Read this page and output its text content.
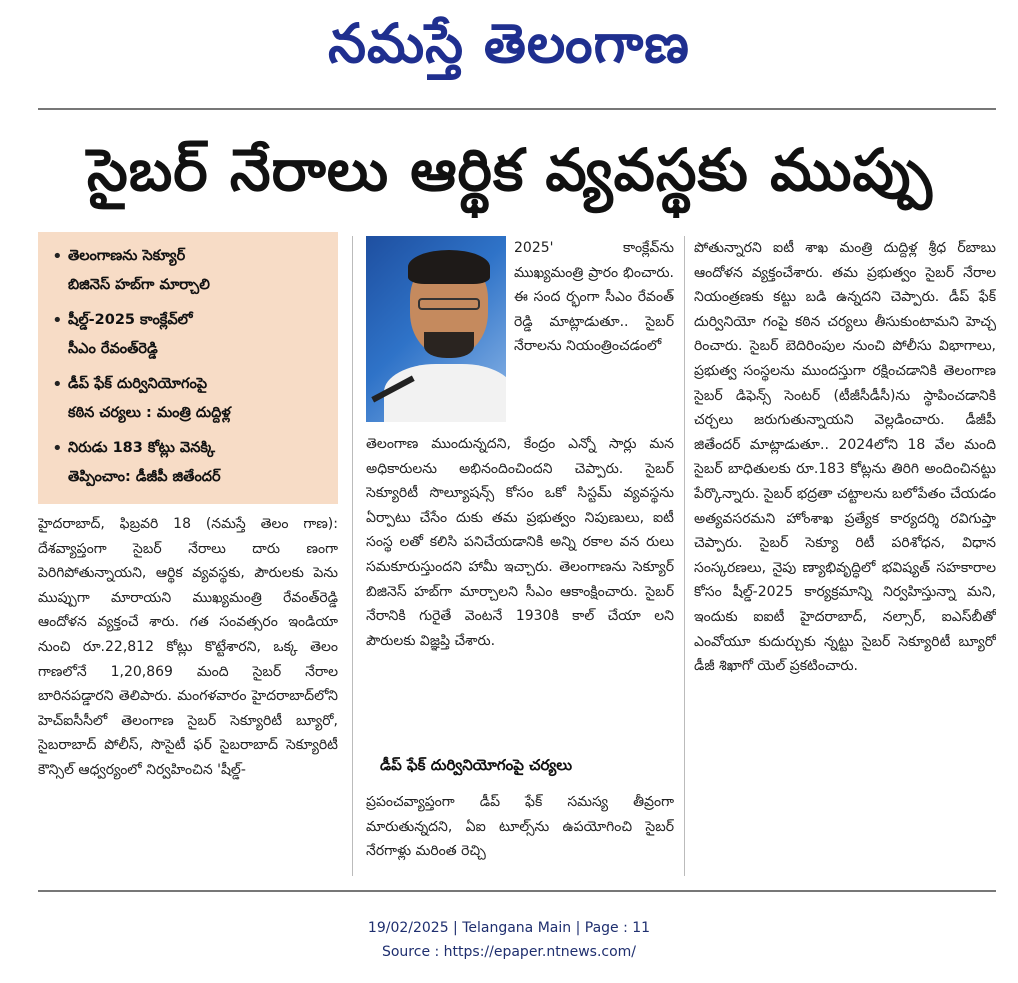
నమస్తే తెలంగాణ
సైబర్ నేరాలు ఆర్థిక వ్యవస్థకు ముప్పు
• తెలంగాణను సెక్యూర్
బిజినెస్ హబ్‌గా మార్చాలి
• షీల్డ్-2025 కాంక్లేవ్‌లో
సీఎం రేవంత్‌రెడ్డి
• డీప్ ఫేక్ దుర్వినియోగంపై
కఠిన చర్యలు : మంత్రి దుద్దిళ్ల
• నిరుడు 183 కోట్లు వెనక్కి
తెప్పించాం: డీజీపీ జితేందర్
హైదరాబాద్, ఫిబ్రవరి 18 (నమస్తే తెలం గాణ): దేశవ్యాప్తంగా సైబర్ నేరాలు దారు ణంగా పెరిగిపోతున్నాయని, ఆర్థిక వ్యవస్థకు, పౌరులకు పెను ముప్పుగా మారాయని ముఖ్యమంత్రి రేవంత్‌రెడ్డి ఆందోళన వ్యక్తంచే శారు. గత సంవత్సరం ఇండియా నుంచి రూ.22,812 కోట్లు కొట్టేశారని, ఒక్క తెలం గాణలోనే 1,20,869 మంది సైబర్ నేరాల బారినపడ్డారని తెలిపారు. మంగళవారం హైదరాబాద్‌లోని హెచ్ఐసీసీలో తెలంగాణ సైబర్ సెక్యూరిటీ బ్యూరో, సైబరాబాద్ పోలీస్, సొసైటీ ఫర్ సైబరాబాద్ సెక్యూరిటీ కౌన్సిల్ ఆధ్వర్యంలో నిర్వహించిన 'షీల్డ్-
2025' కాంక్లేవ్‌ను ముఖ్యమంత్రి ప్రారం భించారు. ఈ సంద ర్భంగా సీఎం రేవంత్ రెడ్డి మాట్లాడుతూ.. సైబర్ నేరాలను నియంత్రించడంలో
తెలంగాణ ముందున్నదని, కేంద్రం ఎన్నో సార్లు మన అధికారులను అభినందించిందని చెప్పారు. సైబర్ సెక్యూరిటీ సొల్యూషన్స్ కోసం ఒకో సిస్టమ్ వ్యవస్థను ఏర్పాటు చేసేం దుకు తమ ప్రభుత్వం నిపుణులు, ఐటీ సంస్థ లతో కలిసి పనిచేయడానికి అన్ని రకాల వన రులు సమకూరుస్తుందని హామీ ఇచ్చారు. తెలంగాణను సెక్యూర్ బిజినెస్ హబ్‌గా మార్చాలని సీఎం ఆకాంక్షించారు. సైబర్ నేరానికి గురైతే వెంటనే 1930కి కాల్ చేయా లని పౌరులకు విజ్ఞప్తి చేశారు.
డీప్ ఫేక్ దుర్వినియోగంపై చర్యలు
ప్రపంచవ్యాప్తంగా డీప్ ఫేక్ సమస్య తీవ్రంగా మారుతున్నదని, ఏఐ టూల్స్‌ను ఉపయోగించి సైబర్ నేరగాళ్లు మరింత రెచ్చి
పోతున్నారని ఐటీ శాఖ మంత్రి దుద్దిళ్ల శ్రీధ ర్‌బాబు ఆందోళన వ్యక్తంచేశారు. తమ ప్రభుత్వం సైబర్ నేరాల నియంత్రణకు కట్టు బడి ఉన్నదని చెప్పారు. డీప్ ఫేక్ దుర్వినియో గంపై కఠిన చర్యలు తీసుకుంటామని హెచ్చ రించారు. సైబర్ బెదిరింపుల నుంచి పోలీసు విభాగాలు, ప్రభుత్వ సంస్థలను ముందస్తుగా రక్షించడానికి తెలంగాణ సైబర్ డిఫెన్స్ సెంటర్ (టీజీసీడీసీ)ను స్థాపించడానికి చర్చలు జరుగుతున్నాయని వెల్లడించారు. డీజీపీ జితేందర్ మాట్లాడుతూ.. 2024లోని 18 వేల మంది సైబర్ బాధితులకు రూ.183 కోట్లను తిరిగి అందించినట్టు పేర్కొన్నారు. సైబర్ భద్రతా చట్టాలను బలోపేతం చేయడం అత్యవసరమని హోంశాఖ ప్రత్యేక కార్యదర్శి రవిగుప్తా చెప్పారు. సైబర్ సెక్యూ రిటీ పరిశోధన, విధాన సంస్కరణలు, నైపు ణ్యాభివృద్ధిలో భవిష్యత్ సహకారాల కోసం షీల్డ్-2025 కార్యక్రమాన్ని నిర్వహిస్తున్నా మని, ఇందుకు ఐఐటీ హైదరాబాద్, నల్సార్, ఐఎస్‌బీతో ఎంవోయూ కుదుర్చుకు న్నట్టు సైబర్ సెక్యూరిటీ బ్యూరో డీజీ శిఖాగో యెల్ ప్రకటించారు.
19/02/2025 | Telangana Main | Page : 11
Source : https://epaper.ntnews.com/
